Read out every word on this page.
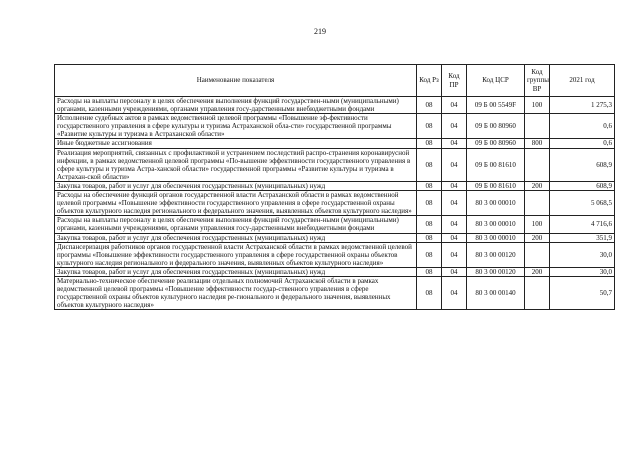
219
Наименование показателя	Код Рз	Код ПР	Код ЦСР	Код группы ВР	2021 год
Расходы на выплаты персоналу в целях обеспечения выполнения функций государствен-ными (муниципальными) органами, казенными учреждениями, органами управления госу-дарственными внебюджетными фондами	08	04	09 Б 00 5549F	100	1 275,3
Исполнение судебных актов в рамках ведомственной целевой программы «Повышение эф-фективности государственного управления в сфере культуры и туризма Астраханской обла-сти» государственной программы «Развитие культуры и туризма в Астраханской области»	08	04	09 Б 00 80960		0,6
Иные бюджетные ассигнования	08	04	09 Б 00 80960	800	0,6
Реализация мероприятий, связанных с профилактикой и устранением последствий распро-странения коронавирусной инфекции, в рамках ведомственной целевой программы «По-вышение эффективности государственного управления в сфере культуры и туризма Астра-ханской области» государственной программы «Развитие культуры и туризма в Астрахан-ской области»	08	04	09 Б 00 81610		608,9
Закупка товаров, работ и услуг для обеспечения государственных (муниципальных) нужд	08	04	09 Б 00 81610	200	608,9
Расходы на обеспечение функций органов государственной власти Астраханской области в рамках ведомственной целевой программы «Повышение эффективности государственного управления в сфере государственной охраны объектов культурного наследия регионального и федерального значения, выявленных объектов культурного наследия»	08	04	80 3 00 00010		5 068,5
Расходы на выплаты персоналу в целях обеспечения выполнения функций государствен-ными (муниципальными) органами, казенными учреждениями, органами управления госу-дарственными внебюджетными фондами	08	04	80 3 00 00010	100	4 716,6
Закупка товаров, работ и услуг для обеспечения государственных (муниципальных) нужд	08	04	80 3 00 00010	200	351,9
Диспансеризация работников органов государственной власти Астраханской области в рамках ведомственной целевой программы «Повышение эффективности государственного управления в сфере государственной охраны объектов культурного наследия регионального и федерального значения, выявленных объектов культурного наследия»	08	04	80 3 00 00120		30,0
Закупка товаров, работ и услуг для обеспечения государственных (муниципальных) нужд	08	04	80 3 00 00120	200	30,0
Материально-техническое обеспечение реализации отдельных полномочий Астраханской области в рамках ведомственной целевой программы «Повышение эффективности государ-ственного управления в сфере государственной охраны объектов культурного наследия ре-гионального и федерального значения, выявленных объектов культурного наследия»	08	04	80 3 00 00140		50,7
